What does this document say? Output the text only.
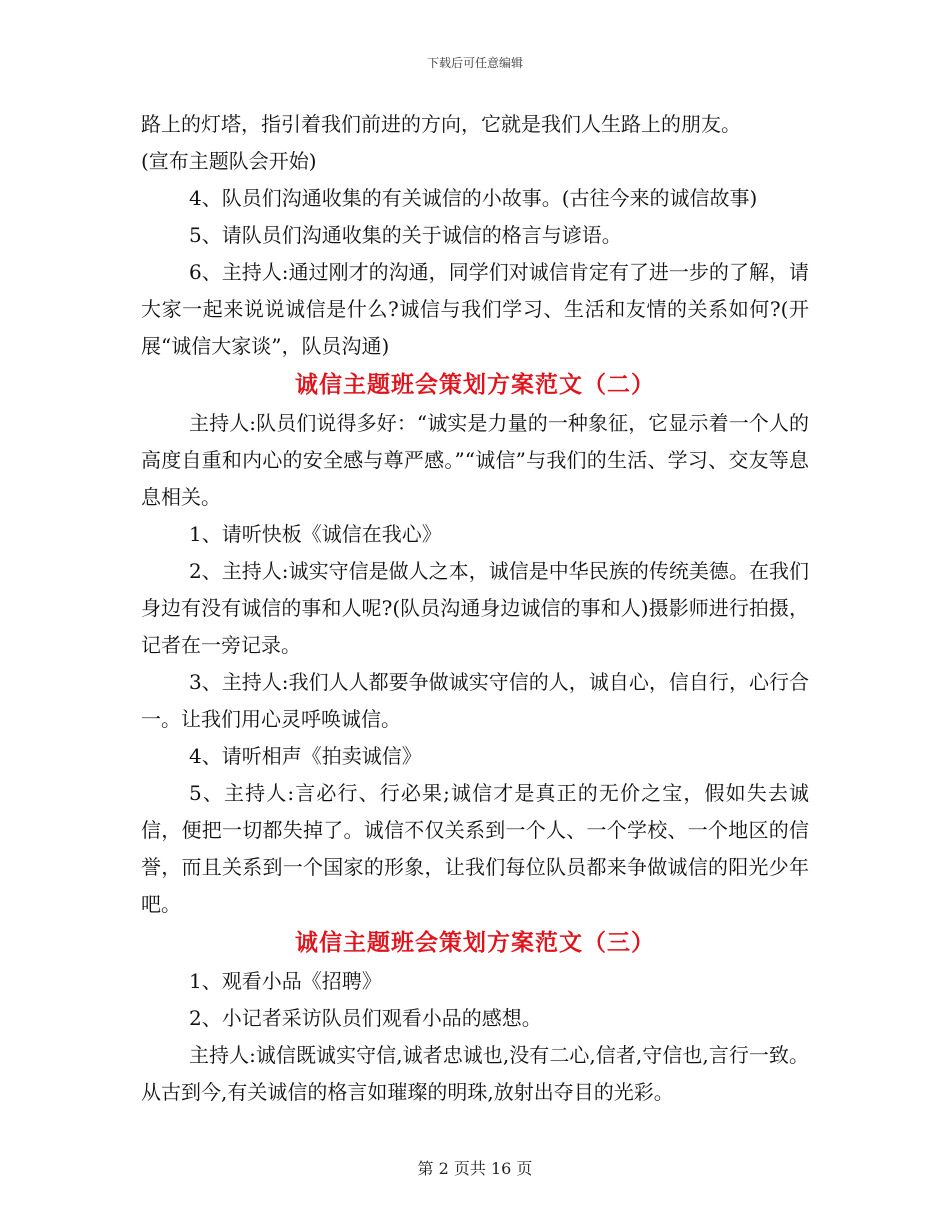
下载后可任意编辑

路上的灯塔，指引着我们前进的方向，它就是我们人生路上的朋友。

(宣布主题队会开始)

4、队员们沟通收集的有关诚信的小故事。(古往今来的诚信故事)

5、请队员们沟通收集的关于诚信的格言与谚语。

6、主持人:通过刚才的沟通，同学们对诚信肯定有了进一步的了解，请大家一起来说说诚信是什么?诚信与我们学习、生活和友情的关系如何?(开展“诚信大家谈”，队员沟通)

诚信主题班会策划方案范文（二）

主持人:队员们说得多好：“诚实是力量的一种象征，它显示着一个人的高度自重和内心的安全感与尊严感。”“诚信”与我们的生活、学习、交友等息息相关。

1、请听快板《诚信在我心》

2、主持人:诚实守信是做人之本，诚信是中华民族的传统美德。在我们身边有没有诚信的事和人呢?(队员沟通身边诚信的事和人)摄影师进行拍摄，记者在一旁记录。

3、主持人:我们人人都要争做诚实守信的人，诚自心，信自行，心行合一。让我们用心灵呼唤诚信。

4、请听相声《拍卖诚信》

5、主持人:言必行、行必果;诚信才是真正的无价之宝，假如失去诚信，便把一切都失掉了。诚信不仅关系到一个人、一个学校、一个地区的信誉，而且关系到一个国家的形象，让我们每位队员都来争做诚信的阳光少年吧。

诚信主题班会策划方案范文（三）

1、观看小品《招聘》

2、小记者采访队员们观看小品的感想。

主持人:诚信既诚实守信,诚者忠诚也,没有二心,信者,守信也,言行一致。从古到今,有关诚信的格言如璀璨的明珠,放射出夺目的光彩。

第 2 页共 16 页
